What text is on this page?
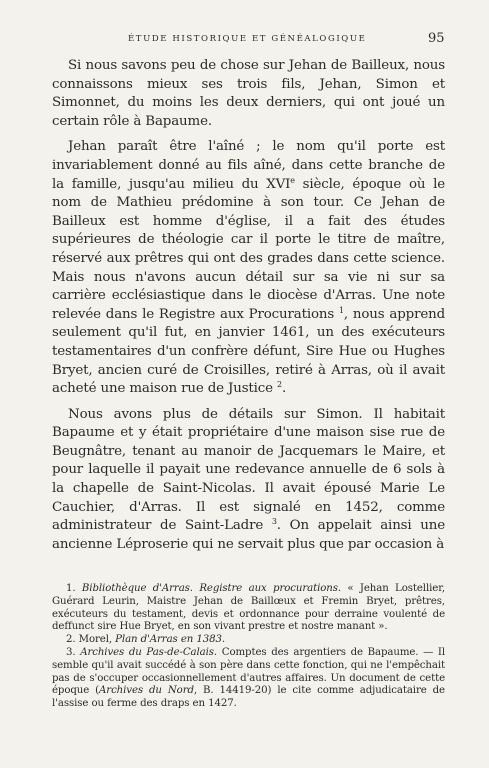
ÉTUDE HISTORIQUE ET GÉNÉALOGIQUE	95

Si nous savons peu de chose sur Jehan de Bailleux, nous connaissons mieux ses trois fils, Jehan, Simon et Simonnet, du moins les deux derniers, qui ont joué un certain rôle à Bapaume.

Jehan paraît être l'aîné ; le nom qu'il porte est invariablement donné au fils aîné, dans cette branche de la famille, jusqu'au milieu du XVIe siècle, époque où le nom de Mathieu prédomine à son tour. Ce Jehan de Bailleux est homme d'église, il a fait des études supérieures de théologie car il porte le titre de maître, réservé aux prêtres qui ont des grades dans cette science. Mais nous n'avons aucun détail sur sa vie ni sur sa carrière ecclésiastique dans le diocèse d'Arras. Une note relevée dans le Registre aux Procurations $^1$, nous apprend seulement qu'il fut, en janvier 1461, un des exécuteurs testamentaires d'un confrère défunt, Sire Hue ou Hughes Bryet, ancien curé de Croisilles, retiré à Arras, où il avait acheté une maison rue de Justice $^2$.

Nous avons plus de détails sur Simon. Il habitait Bapaume et y était propriétaire d'une maison sise rue de Beugnâtre, tenant au manoir de Jacquemars le Maire, et pour laquelle il payait une redevance annuelle de 6 sols à la chapelle de Saint-Nicolas. Il avait épousé Marie Le Cauchier, d'Arras. Il est signalé en 1452, comme administrateur de Saint-Ladre $^3$. On appelait ainsi une ancienne Léproserie qui ne servait plus que par occasion à

1. Bibliothèque d'Arras. Registre aux procurations. « Jehan Lostellier, Guérard Leurin, Maistre Jehan de Baillœux et Fremin Bryet, prêtres, exécuteurs du testament, devis et ordonnance pour derraine voulenté de deffunct sire Hue Bryet, en son vivant prestre et nostre manant ».
2. Morel, Plan d'Arras en 1383.
3. Archives du Pas-de-Calais. Comptes des argentiers de Bapaume. — Il semble qu'il avait succédé à son père dans cette fonction, qui ne l'empêchait pas de s'occuper occasionnellement d'autres affaires. Un document de cette époque (Archives du Nord, B. 14419-20) le cite comme adjudicataire de l'assise ou ferme des draps en 1427.
